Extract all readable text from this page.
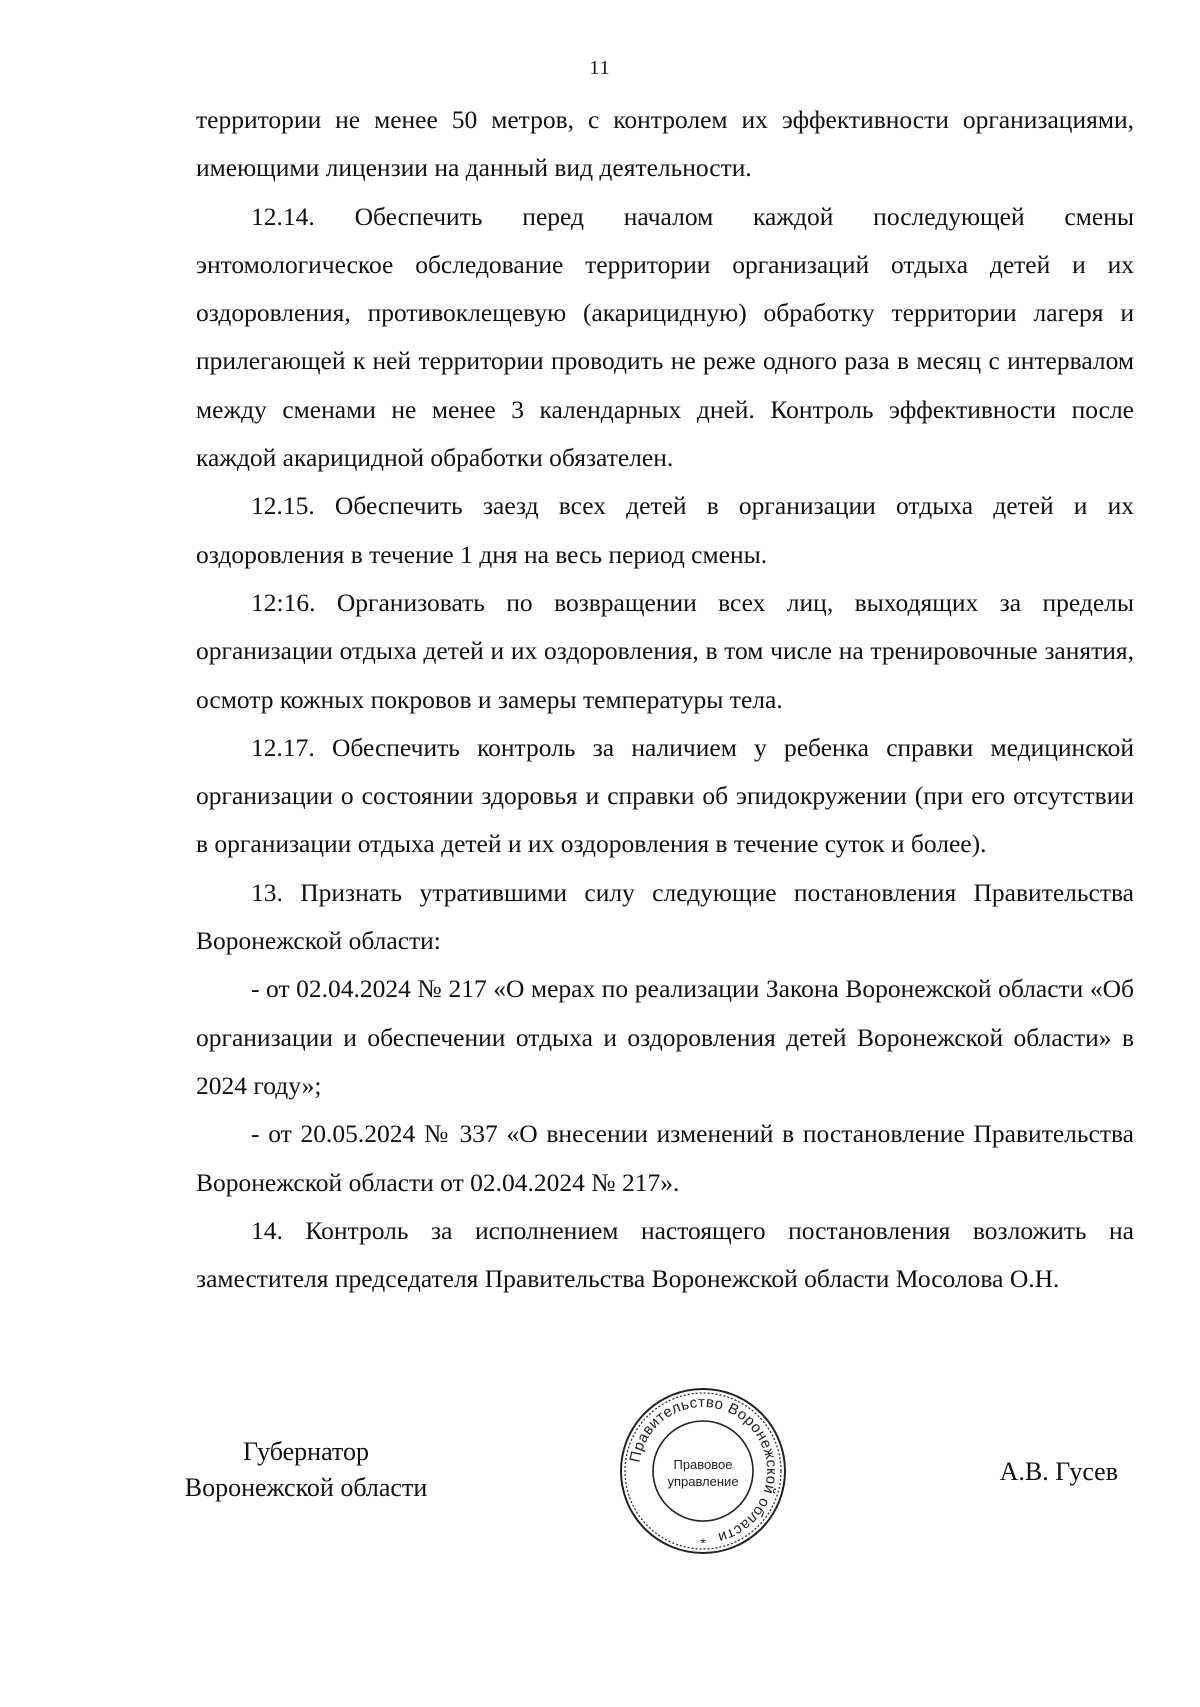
11

территории не менее 50 метров, с контролем их эффективности организациями, имеющими лицензии на данный вид деятельности.

12.14. Обеспечить перед началом каждой последующей смены энтомологическое обследование территории организаций отдыха детей и их оздоровления, противоклещевую (акарицидную) обработку территории лагеря и прилегающей к ней территории проводить не реже одного раза в месяц с интервалом между сменами не менее 3 календарных дней. Контроль эффективности после каждой акарицидной обработки обязателен.

12.15. Обеспечить заезд всех детей в организации отдыха детей и их оздоровления в течение 1 дня на весь период смены.

12:16. Организовать по возвращении всех лиц, выходящих за пределы организации отдыха детей и их оздоровления, в том числе на тренировочные занятия, осмотр кожных покровов и замеры температуры тела.

12.17. Обеспечить контроль за наличием у ребенка справки медицинской организации о состоянии здоровья и справки об эпидокружении (при его отсутствии в организации отдыха детей и их оздоровления в течение суток и более).

13. Признать утратившими силу следующие постановления Правительства Воронежской области:

- от 02.04.2024 № 217 «О мерах по реализации Закона Воронежской области «Об организации и обеспечении отдыха и оздоровления детей Воронежской области» в 2024 году»;

- от 20.05.2024 № 337 «О внесении изменений в постановление Правительства Воронежской области от 02.04.2024 № 217».

14. Контроль за исполнением настоящего постановления возложить на заместителя председателя Правительства Воронежской области Мосолова О.Н.

Губернатор
Воронежской области
Правительство Воронежской области
Правовое
управление
*
А.В. Гусев
